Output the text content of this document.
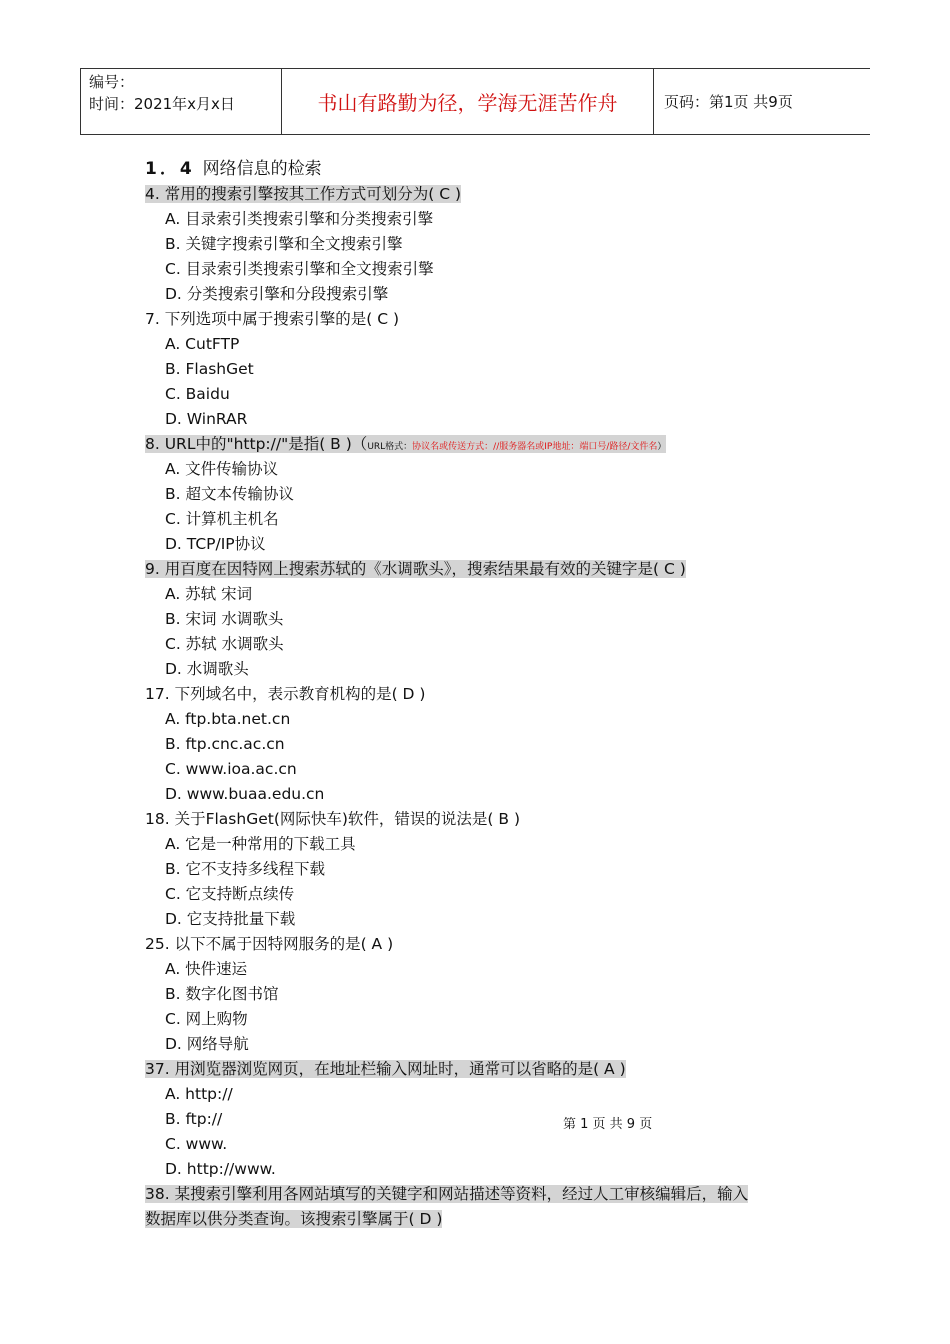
编号：
时间：2021年x月x日	书山有路勤为径，学海无涯苦作舟	页码：第1页 共9页
1．4 网络信息的检索
4. 常用的搜索引擎按其工作方式可划分为( C )
A. 目录索引类搜索引擎和分类搜索引擎
B. 关键字搜索引擎和全文搜索引擎
C. 目录索引类搜索引擎和全文搜索引擎
D. 分类搜索引擎和分段搜索引擎
7. 下列选项中属于搜索引擎的是( C )
A. CutFTP
B. FlashGet
C. Baidu
D. WinRAR
8. URL中的"http://"是指( B )（URL格式：协议名或传送方式：//服务器名或IP地址：端口号/路径/文件名）
A. 文件传输协议
B. 超文本传输协议
C. 计算机主机名
D. TCP/IP协议
9. 用百度在因特网上搜索苏轼的《水调歌头》，搜索结果最有效的关键字是( C )
A. 苏轼 宋词
B. 宋词 水调歌头
C. 苏轼 水调歌头
D. 水调歌头
17. 下列域名中，表示教育机构的是( D )
A. ftp.bta.net.cn
B. ftp.cnc.ac.cn
C. www.ioa.ac.cn
D. www.buaa.edu.cn
18. 关于FlashGet(网际快车)软件，错误的说法是( B )
A. 它是一种常用的下载工具
B. 它不支持多线程下载
C. 它支持断点续传
D. 它支持批量下载
25. 以下不属于因特网服务的是( A )
A. 快件速运
B. 数字化图书馆
C. 网上购物
D. 网络导航
37. 用浏览器浏览网页，在地址栏输入网址时，通常可以省略的是( A )
A. http://
B. ftp://
C. www.
D. http://www.
38. 某搜索引擎利用各网站填写的关键字和网站描述等资料，经过人工审核编辑后，输入
数据库以供分类查询。该搜索引擎属于( D )
第 1 页 共 9 页
